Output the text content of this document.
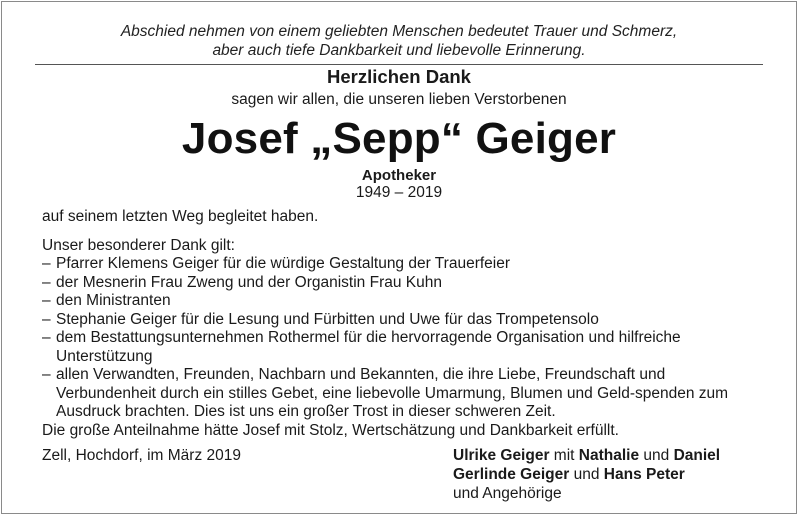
Abschied nehmen von einem geliebten Menschen bedeutet Trauer und Schmerz,
aber auch tiefe Dankbarkeit und liebevolle Erinnerung.
Herzlichen Dank
sagen wir allen, die unseren lieben Verstorbenen
Josef „Sepp“ Geiger
Apotheker
1949 – 2019

auf seinem letzten Weg begleitet haben.

Unser besonderer Dank gilt:

– Pfarrer Klemens Geiger für die würdige Gestaltung der Trauerfeier
– der Mesnerin Frau Zweng und der Organistin Frau Kuhn
– den Ministranten
– Stephanie Geiger für die Lesung und Fürbitten und Uwe für das Trompetensolo
– dem Bestattungsunternehmen Rothermel für die hervorragende Organisation und hilfreiche Unterstützung
– allen Verwandten, Freunden, Nachbarn und Bekannten, die ihre Liebe, Freundschaft und Verbundenheit durch ein stilles Gebet, eine liebevolle Umarmung, Blumen und Geld-spenden zum Ausdruck brachten. Dies ist uns ein großer Trost in dieser schweren Zeit.

Die große Anteilnahme hätte Josef mit Stolz, Wertschätzung und Dankbarkeit erfüllt.

Zell, Hochdorf, im März 2019	Ulrike Geiger mit Nathalie und Daniel
Gerlinde Geiger und Hans Peter
und Angehörige
